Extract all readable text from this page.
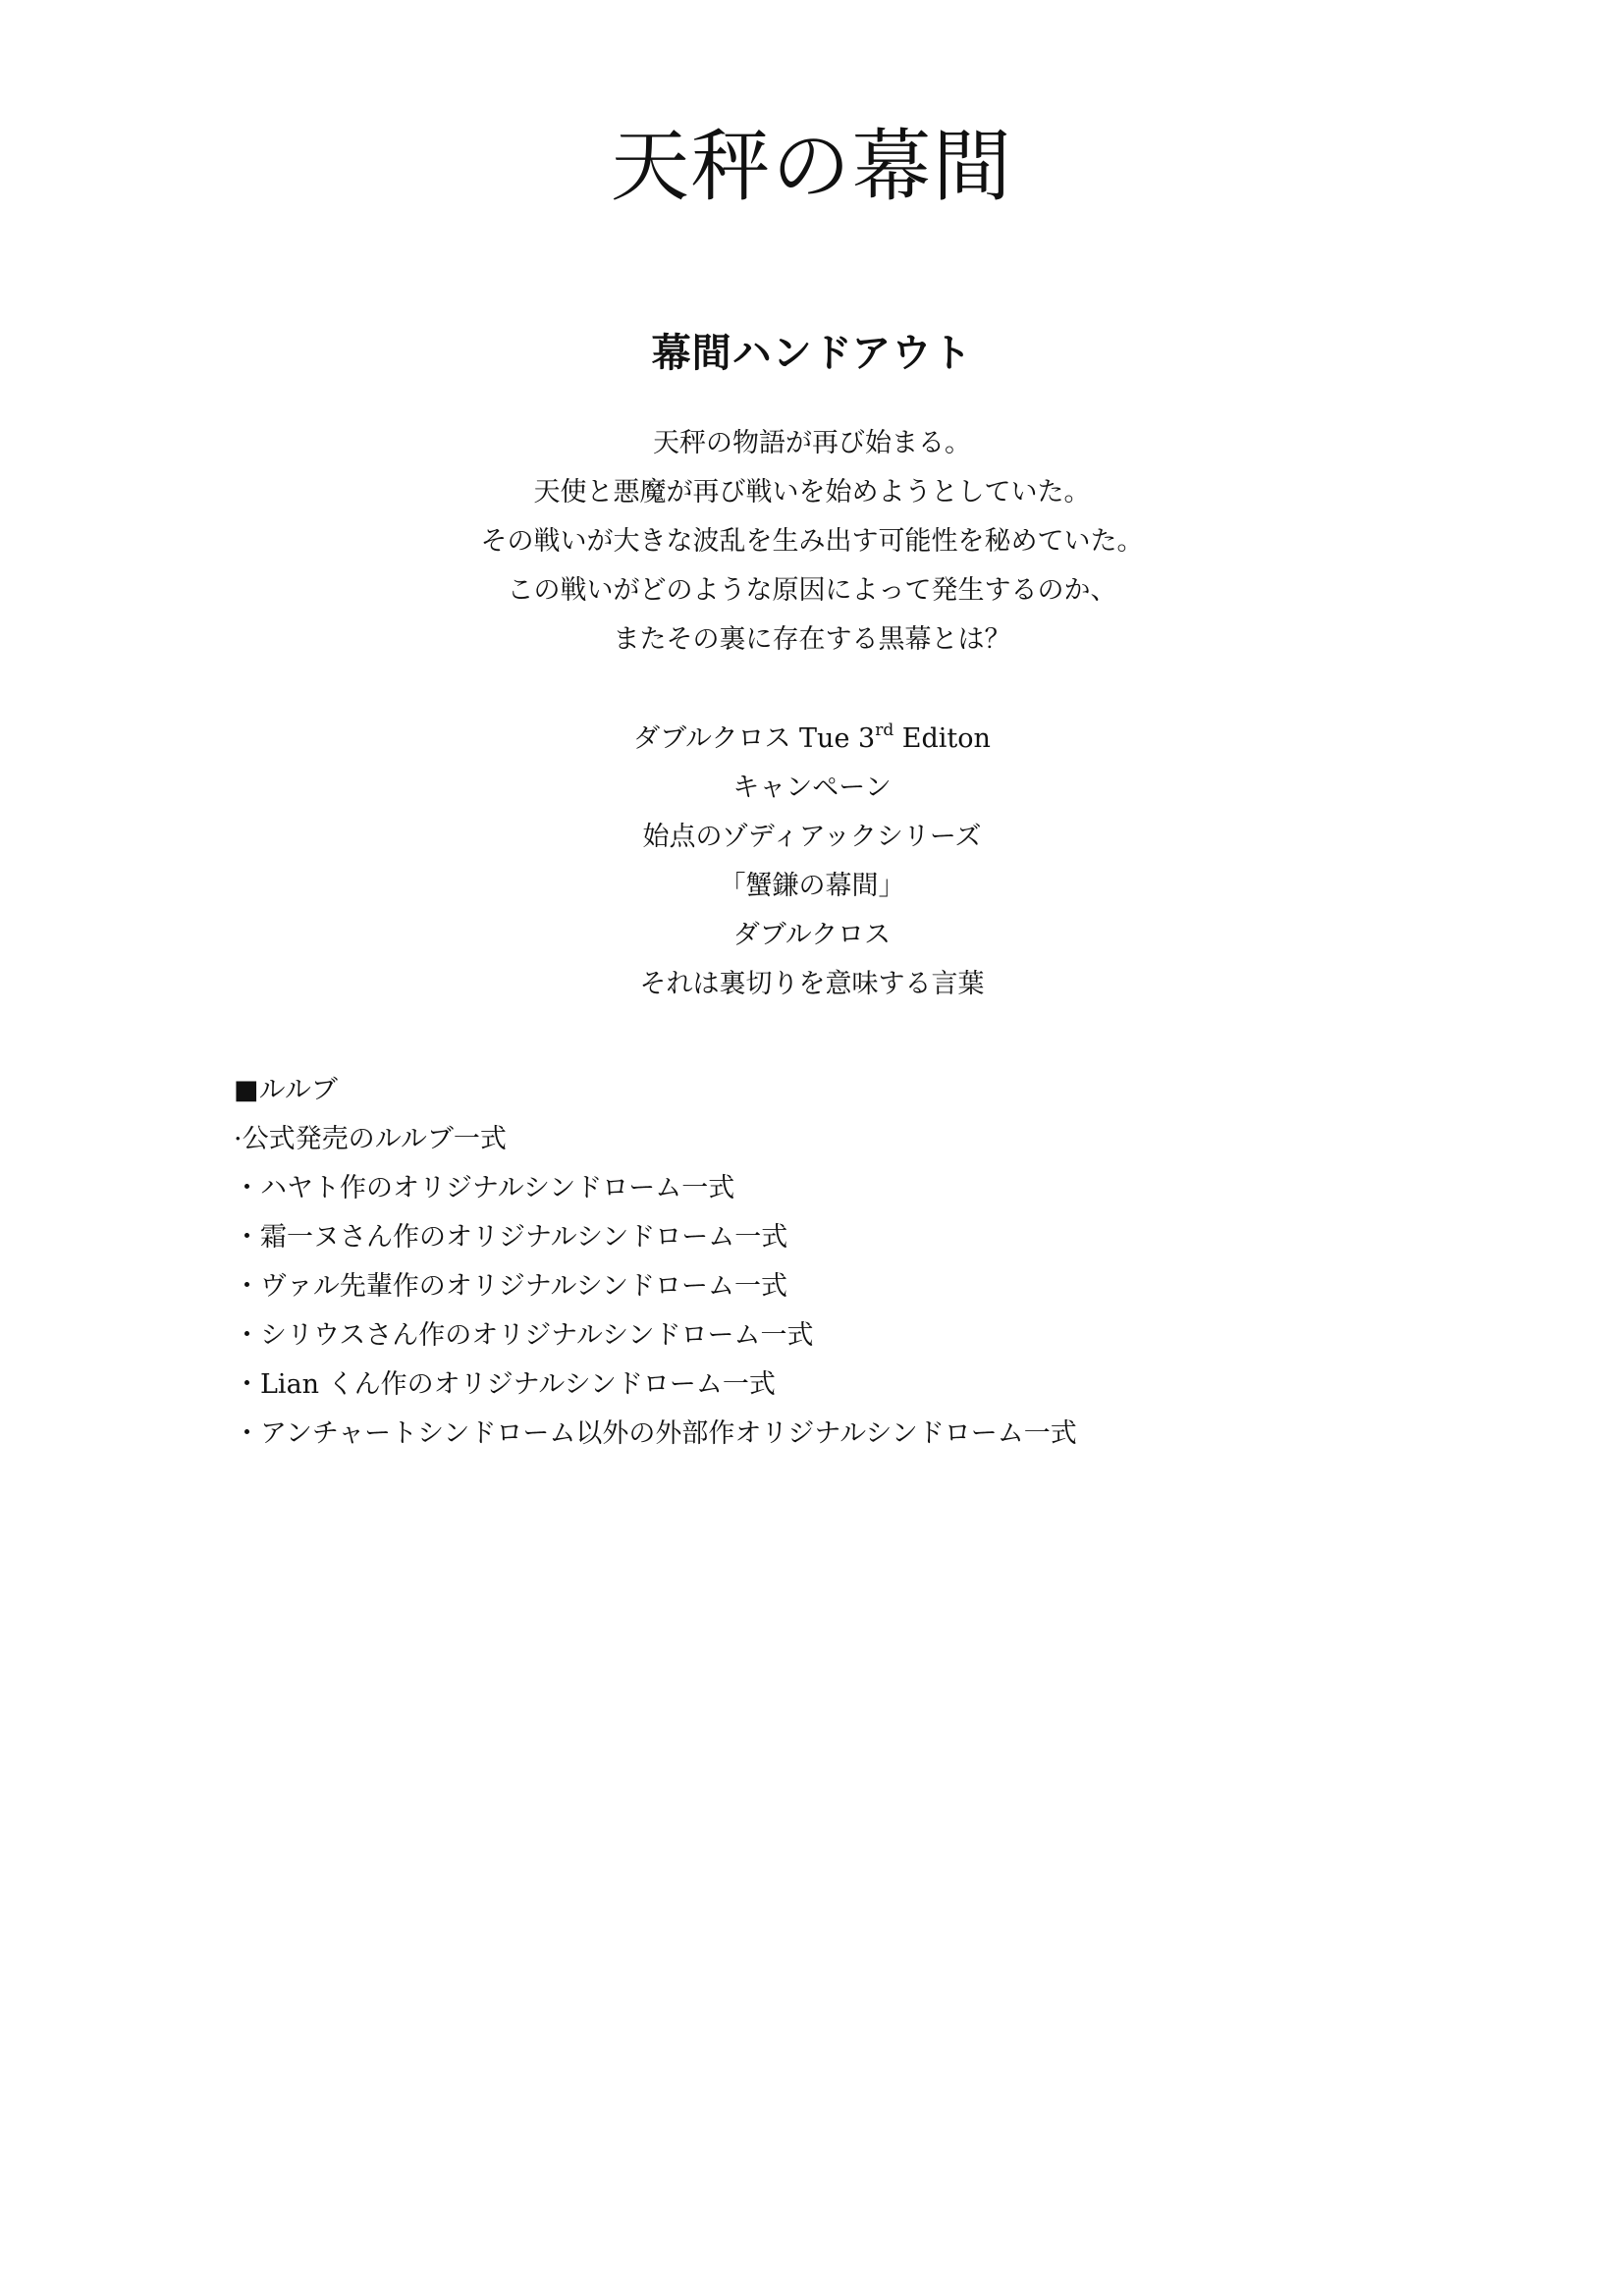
天秤の幕間
幕間ハンドアウト
天秤の物語が再び始まる。
天使と悪魔が再び戦いを始めようとしていた。
その戦いが大きな波乱を生み出す可能性を秘めていた。
この戦いがどのような原因によって発生するのか、
またその裏に存在する黒幕とは？
ダブルクロス Tue 3rd Editon
キャンペーン
始点のゾディアックシリーズ
「蟹鎌の幕間」
ダブルクロス
それは裏切りを意味する言葉
■ルルブ
·公式発売のルルブ一式
・ハヤト作のオリジナルシンドローム一式
・霜一ヌさん作のオリジナルシンドローム一式
・ヴァル先輩作のオリジナルシンドローム一式
・シリウスさん作のオリジナルシンドローム一式
・Lian くん作のオリジナルシンドローム一式
・アンチャートシンドローム以外の外部作オリジナルシンドローム一式
